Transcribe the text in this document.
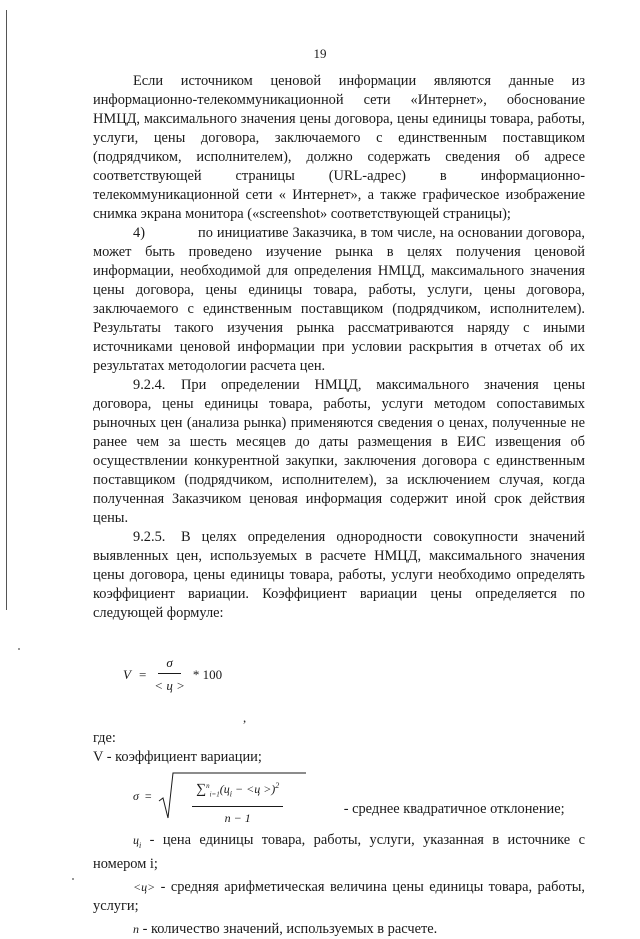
19

Если источником ценовой информации являются данные из информационно-телекоммуникационной сети «Интернет», обоснование НМЦД, максимального значения цены договора, цены единицы товара, работы, услуги, цены договора, заключаемого с единственным поставщиком (подрядчиком, исполнителем), должно содержать сведения об адресе соответствующей страницы (URL-адрес) в информационно-телекоммуникационной сети « Интернет», а также графическое изображение снимка экрана монитора («screenshot» соответствующей страницы);

4)	по инициативе Заказчика, в том числе, на основании договора, может быть проведено изучение рынка в целях получения ценовой информации, необходимой для определения НМЦД, максимального значения цены договора, цены единицы товара, работы, услуги, цены договора, заключаемого с единственным поставщиком (подрядчиком, исполнителем). Результаты такого изучения рынка рассматриваются наряду с иными источниками ценовой информации при условии раскрытия в отчетах об их результатах методологии расчета цен.

9.2.4. При определении НМЦД, максимального значения цены договора, цены единицы товара, работы, услуги методом сопоставимых рыночных цен (анализа рынка) применяются сведения о ценах, полученные не ранее чем за шесть месяцев до даты размещения в ЕИС извещения об осуществлении конкурентной закупки, заключения договора с единственным поставщиком (подрядчиком, исполнителем), за исключением случая, когда полученная Заказчиком ценовая информация содержит иной срок действия цены.

9.2.5. В целях определения однородности совокупности значений выявленных цен, используемых в расчете НМЦД, максимального значения цены договора, цены единицы товара, работы, услуги необходимо определять коэффициент вариации. Коэффициент вариации цены определяется по следующей формуле:

$V = \frac{\sigma}{< ц >} * 100$
,

где:

V - коэффициент вариации;

σ =	$\sum^n_{i=1}(ц_i - <ц >)^2$
n − 1
- среднее квадратичное отклонение;

$ц_i$ - цена единицы товара, работы, услуги, указанная в источнике с номером i;

<ц> - средняя арифметическая величина цены единицы товара, работы, услуги;

n - количество значений, используемых в расчете.
